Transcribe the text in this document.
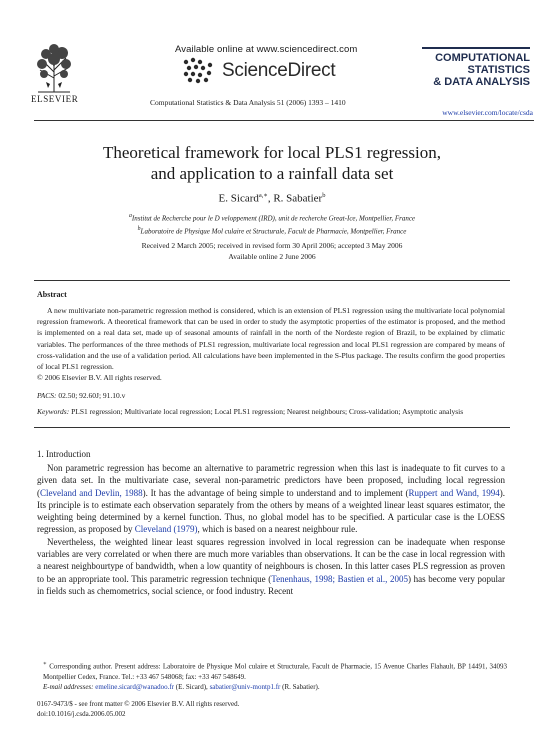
ELSEVIER
Available online at www.sciencedirect.com
ScienceDirect
Computational Statistics & Data Analysis 51 (2006) 1393 – 1410
COMPUTATIONAL
STATISTICS
& DATA ANALYSIS
www.elsevier.com/locate/csda
Theoretical framework for local PLS1 regression,
and application to a rainfall data set
E. Sicard$^{a,∗}$, R. Sabatier$^b$
$^a$Institut de Recherche pour le D veloppement (IRD), unit de recherche Great-Ice, Montpellier, France
$^b$Laboratoire de Physique Mol culaire et Structurale, Facult de Pharmacie, Montpellier, France
Received 2 March 2005; received in revised form 30 April 2006; accepted 3 May 2006
Available online 2 June 2006
Abstract
A new multivariate non-parametric regression method is considered, which is an extension of PLS1 regression using the multivariate local polynomial regression framework. A theoretical framework that can be used in order to study the asymptotic properties of the estimator is proposed, and the method is implemented on a real data set, made up of seasonal amounts of rainfall in the north of the Nordeste region of Brazil, to be explained by climatic variables. The performances of the three methods of PLS1 regression, multivariate local regression and local PLS1 regression are compared by means of cross-validation and the use of a validation period. All calculations have been implemented in the S-Plus package. The results confirm the good properties of local PLS1 regression.
© 2006 Elsevier B.V. All rights reserved.
PACS: 02.50; 92.60J; 91.10.v
Keywords: PLS1 regression; Multivariate local regression; Local PLS1 regression; Nearest neighbours; Cross-validation; Asymptotic analysis
1. Introduction

Non parametric regression has become an alternative to parametric regression when this last is inadequate to fit curves to a given data set. In the multivariate case, several non-parametric predictors have been proposed, including local regression (Cleveland and Devlin, 1988). It has the advantage of being simple to understand and to implement (Ruppert and Wand, 1994). Its principle is to estimate each observation separately from the others by means of a weighted linear least squares estimator, the weighting being determined by a kernel function. Thus, no global model has to be specified. A particular case is the LOESS regression, as proposed by Cleveland (1979), which is based on a nearest neighbour rule.

Nevertheless, the weighted linear least squares regression involved in local regression can be inadequate when response variables are very correlated or when there are much more variables than observations. It can be the case in local regression with a nearest neighbourtype of bandwidth, when a low quantity of neighbours is chosen. In this latter cases PLS regression as proven to be an appropriate tool. This parametric regression technique (Tenenhaus, 1998; Bastien et al., 2005) has become very popular in fields such as chemometrics, social science, or food industry. Recent

∗ Corresponding author. Present address: Laboratoire de Physique Mol culaire et Structurale, Facult de Pharmacie, 15 Avenue Charles Flahault, BP 14491, 34093 Montpellier Cedex, France. Tel.: +33 467 548068; fax: +33 467 548649.
E-mail addresses: emeline.sicard@wanadoo.fr (E. Sicard), sabatier@univ-montp1.fr (R. Sabatier).
0167-9473/$ - see front matter © 2006 Elsevier B.V. All rights reserved.
doi:10.1016/j.csda.2006.05.002
